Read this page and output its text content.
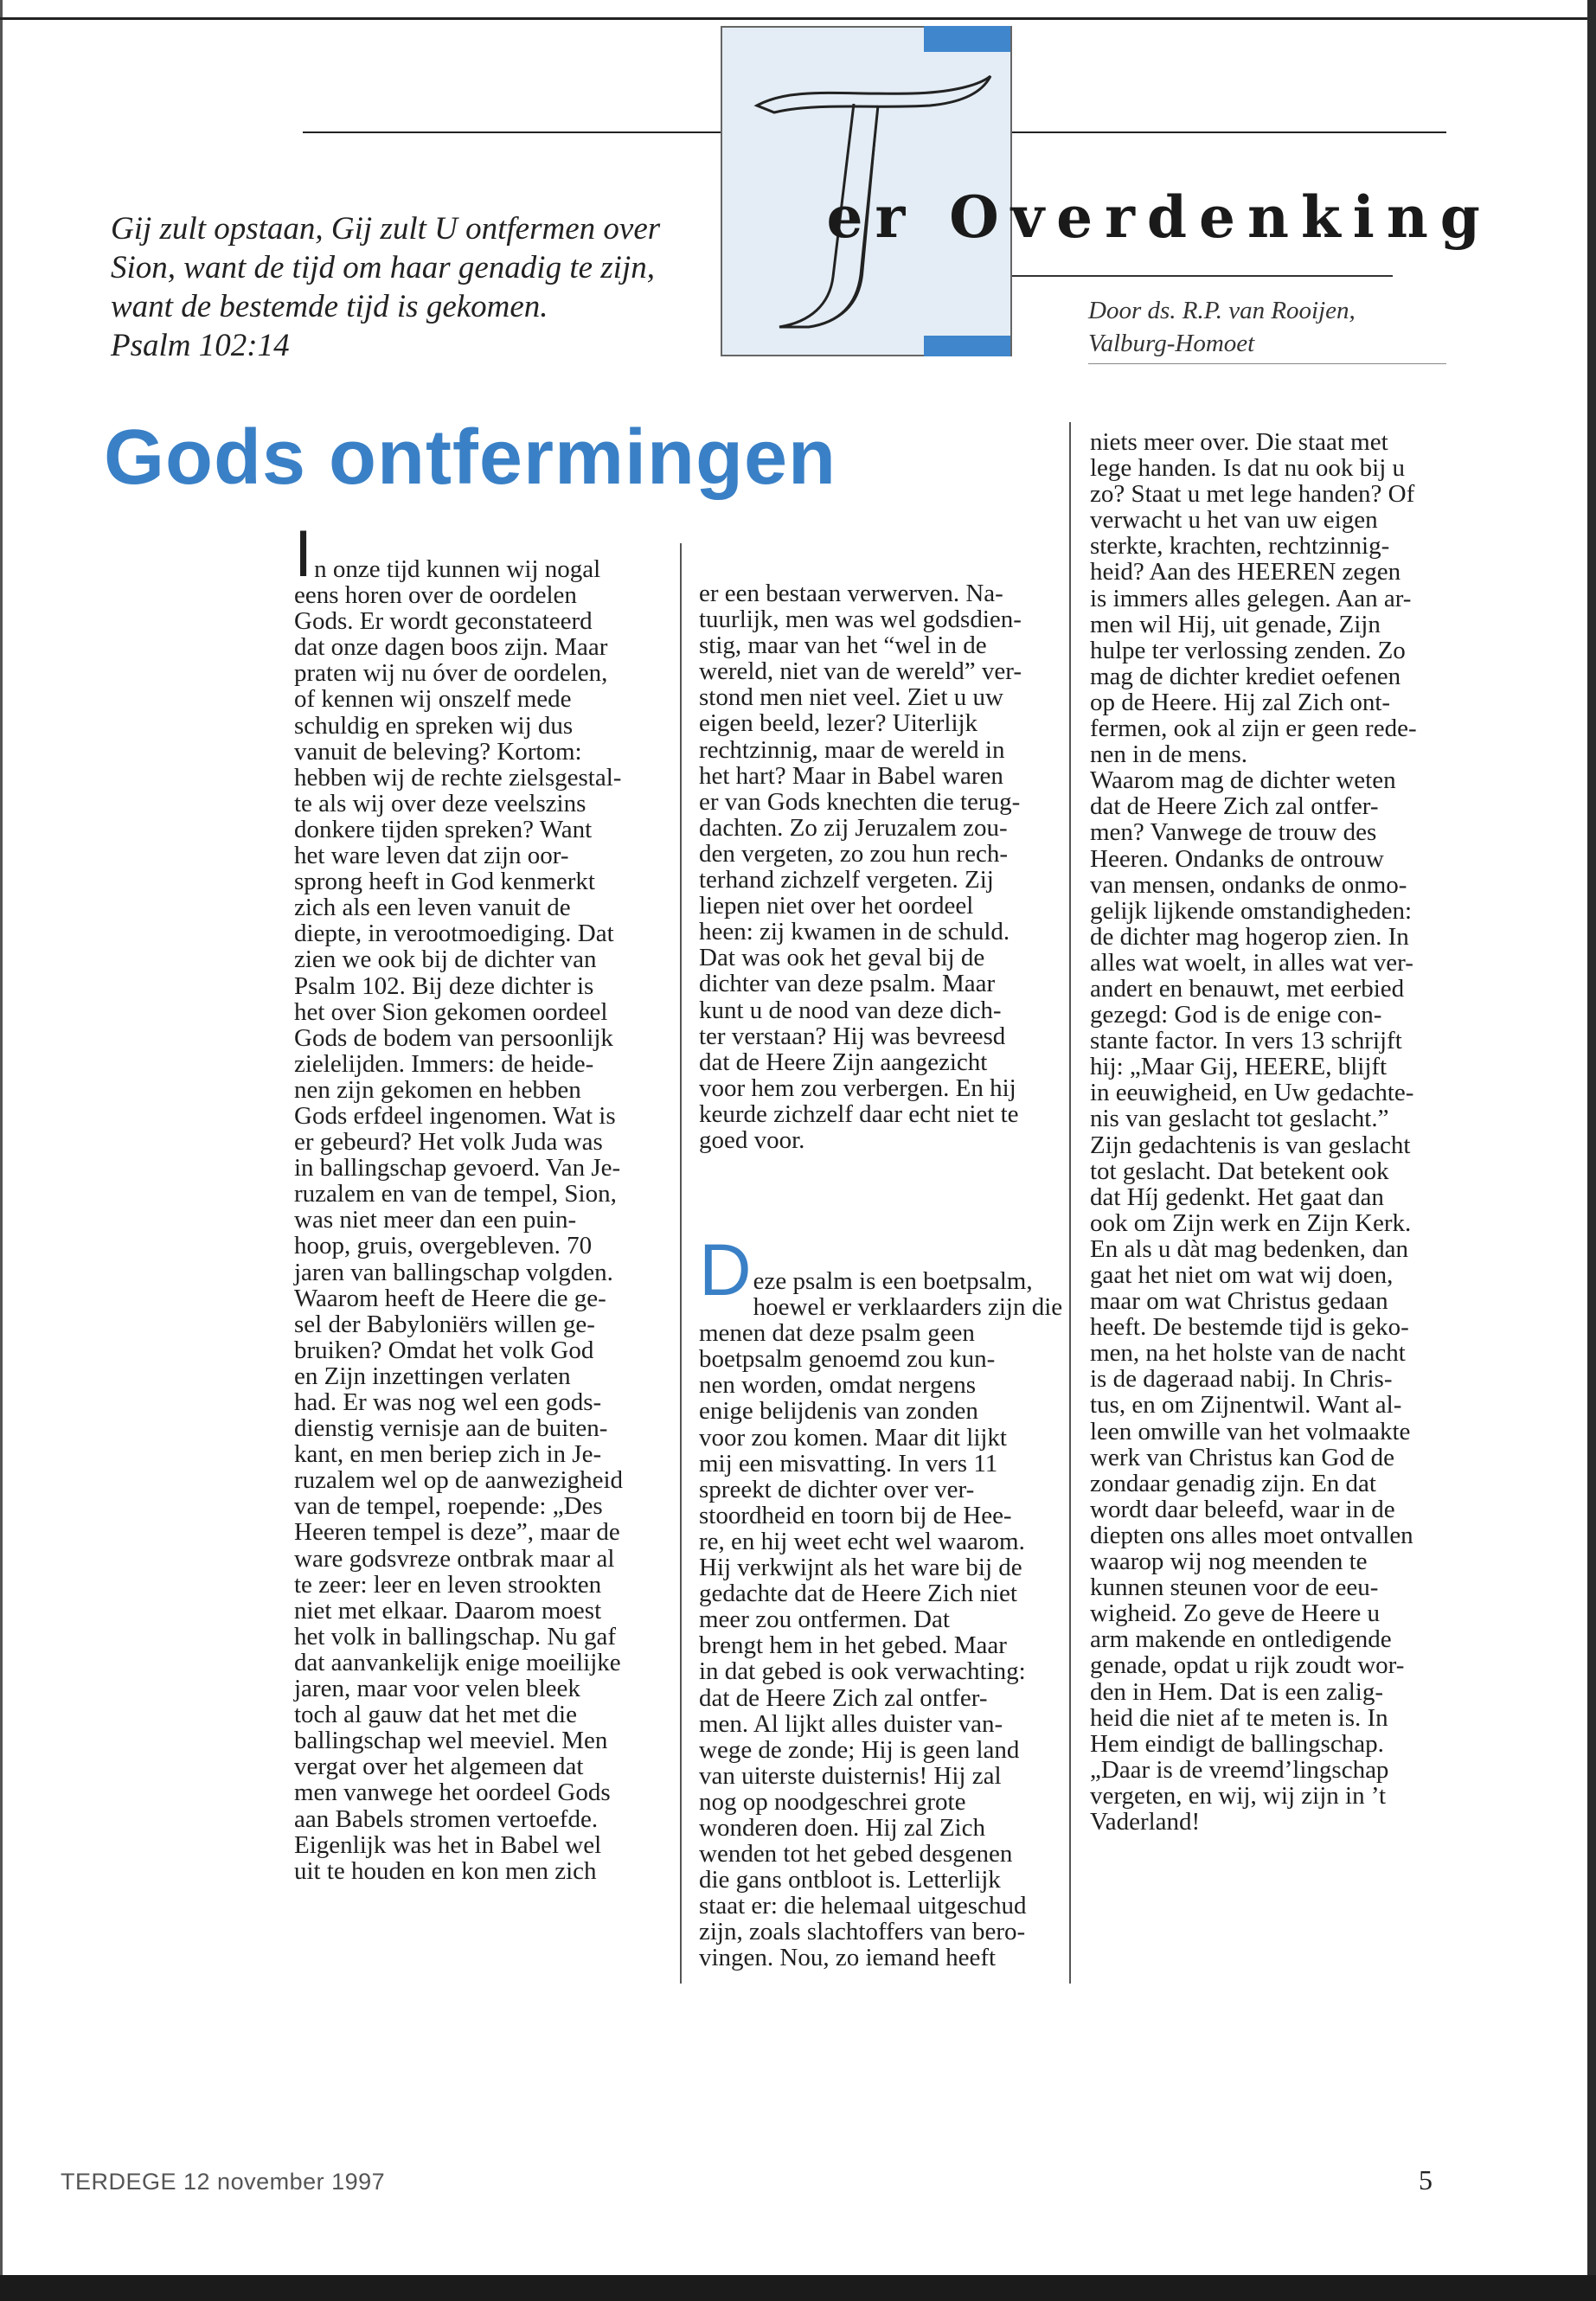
Gij zult opstaan, Gij zult U ontfermen over
Sion, want de tijd om haar genadig te zijn,
want de bestemde tijd is gekomen.
Psalm 102:14
er Overdenking
Door ds. R.P. van Rooijen,
Valburg-Homoet
Gods ontfermingen
In onze tijd kunnen wij nogal
eens horen over de oordelen
Gods. Er wordt geconstateerd
dat onze dagen boos zijn. Maar
praten wij nu óver de oordelen,
of kennen wij onszelf mede
schuldig en spreken wij dus
vanuit de beleving? Kortom:
hebben wij de rechte zielsgestal-
te als wij over deze veelszins
donkere tijden spreken? Want
het ware leven dat zijn oor-
sprong heeft in God kenmerkt
zich als een leven vanuit de
diepte, in verootmoediging. Dat
zien we ook bij de dichter van
Psalm 102. Bij deze dichter is
het over Sion gekomen oordeel
Gods de bodem van persoonlijk
zielelijden. Immers: de heide-
nen zijn gekomen en hebben
Gods erfdeel ingenomen. Wat is
er gebeurd? Het volk Juda was
in ballingschap gevoerd. Van Je-
ruzalem en van de tempel, Sion,
was niet meer dan een puin-
hoop, gruis, overgebleven. 70
jaren van ballingschap volgden.
Waarom heeft de Heere die ge-
sel der Babyloniërs willen ge-
bruiken? Omdat het volk God
en Zijn inzettingen verlaten
had. Er was nog wel een gods-
dienstig vernisje aan de buiten-
kant, en men beriep zich in Je-
ruzalem wel op de aanwezigheid
van de tempel, roepende: „Des
Heeren tempel is deze”, maar de
ware godsvreze ontbrak maar al
te zeer: leer en leven strookten
niet met elkaar. Daarom moest
het volk in ballingschap. Nu gaf
dat aanvankelijk enige moeilijke
jaren, maar voor velen bleek
toch al gauw dat het met die
ballingschap wel meeviel. Men
vergat over het algemeen dat
men vanwege het oordeel Gods
aan Babels stromen vertoefde.
Eigenlijk was het in Babel wel
uit te houden en kon men zich
er een bestaan verwerven. Na-
tuurlijk, men was wel godsdien-
stig, maar van het “wel in de
wereld, niet van de wereld” ver-
stond men niet veel. Ziet u uw
eigen beeld, lezer? Uiterlijk
rechtzinnig, maar de wereld in
het hart? Maar in Babel waren
er van Gods knechten die terug-
dachten. Zo zij Jeruzalem zou-
den vergeten, zo zou hun rech-
terhand zichzelf vergeten. Zij
liepen niet over het oordeel
heen: zij kwamen in de schuld.
Dat was ook het geval bij de
dichter van deze psalm. Maar
kunt u de nood van deze dich-
ter verstaan? Hij was bevreesd
dat de Heere Zijn aangezicht
voor hem zou verbergen. En hij
keurde zichzelf daar echt niet te
goed voor.
Deze psalm is een boetpsalm,
hoewel er verklaarders zijn die
menen dat deze psalm geen
boetpsalm genoemd zou kun-
nen worden, omdat nergens
enige belijdenis van zonden
voor zou komen. Maar dit lijkt
mij een misvatting. In vers 11
spreekt de dichter over ver-
stoordheid en toorn bij de Hee-
re, en hij weet echt wel waarom.
Hij verkwijnt als het ware bij de
gedachte dat de Heere Zich niet
meer zou ontfermen. Dat
brengt hem in het gebed. Maar
in dat gebed is ook verwachting:
dat de Heere Zich zal ontfer-
men. Al lijkt alles duister van-
wege de zonde; Hij is geen land
van uiterste duisternis! Hij zal
nog op noodgeschrei grote
wonderen doen. Hij zal Zich
wenden tot het gebed desgenen
die gans ontbloot is. Letterlijk
staat er: die helemaal uitgeschud
zijn, zoals slachtoffers van bero-
vingen. Nou, zo iemand heeft
niets meer over. Die staat met
lege handen. Is dat nu ook bij u
zo? Staat u met lege handen? Of
verwacht u het van uw eigen
sterkte, krachten, rechtzinnig-
heid? Aan des HEEREN zegen
is immers alles gelegen. Aan ar-
men wil Hij, uit genade, Zijn
hulpe ter verlossing zenden. Zo
mag de dichter krediet oefenen
op de Heere. Hij zal Zich ont-
fermen, ook al zijn er geen rede-
nen in de mens.
Waarom mag de dichter weten
dat de Heere Zich zal ontfer-
men? Vanwege de trouw des
Heeren. Ondanks de ontrouw
van mensen, ondanks de onmo-
gelijk lijkende omstandigheden:
de dichter mag hogerop zien. In
alles wat woelt, in alles wat ver-
andert en benauwt, met eerbied
gezegd: God is de enige con-
stante factor. In vers 13 schrijft
hij: „Maar Gij, HEERE, blijft
in eeuwigheid, en Uw gedachte-
nis van geslacht tot geslacht.”
Zijn gedachtenis is van geslacht
tot geslacht. Dat betekent ook
dat Híj gedenkt. Het gaat dan
ook om Zijn werk en Zijn Kerk.
En als u dàt mag bedenken, dan
gaat het niet om wat wij doen,
maar om wat Christus gedaan
heeft. De bestemde tijd is geko-
men, na het holste van de nacht
is de dageraad nabij. In Chris-
tus, en om Zijnentwil. Want al-
leen omwille van het volmaakte
werk van Christus kan God de
zondaar genadig zijn. En dat
wordt daar beleefd, waar in de
diepten ons alles moet ontvallen
waarop wij nog meenden te
kunnen steunen voor de eeu-
wigheid. Zo geve de Heere u
arm makende en ontledigende
genade, opdat u rijk zoudt wor-
den in Hem. Dat is een zalig-
heid die niet af te meten is. In
Hem eindigt de ballingschap.
„Daar is de vreemd’lingschap
vergeten, en wij, wij zijn in ’t
Vaderland!
TERDEGE 12 november 1997	5
